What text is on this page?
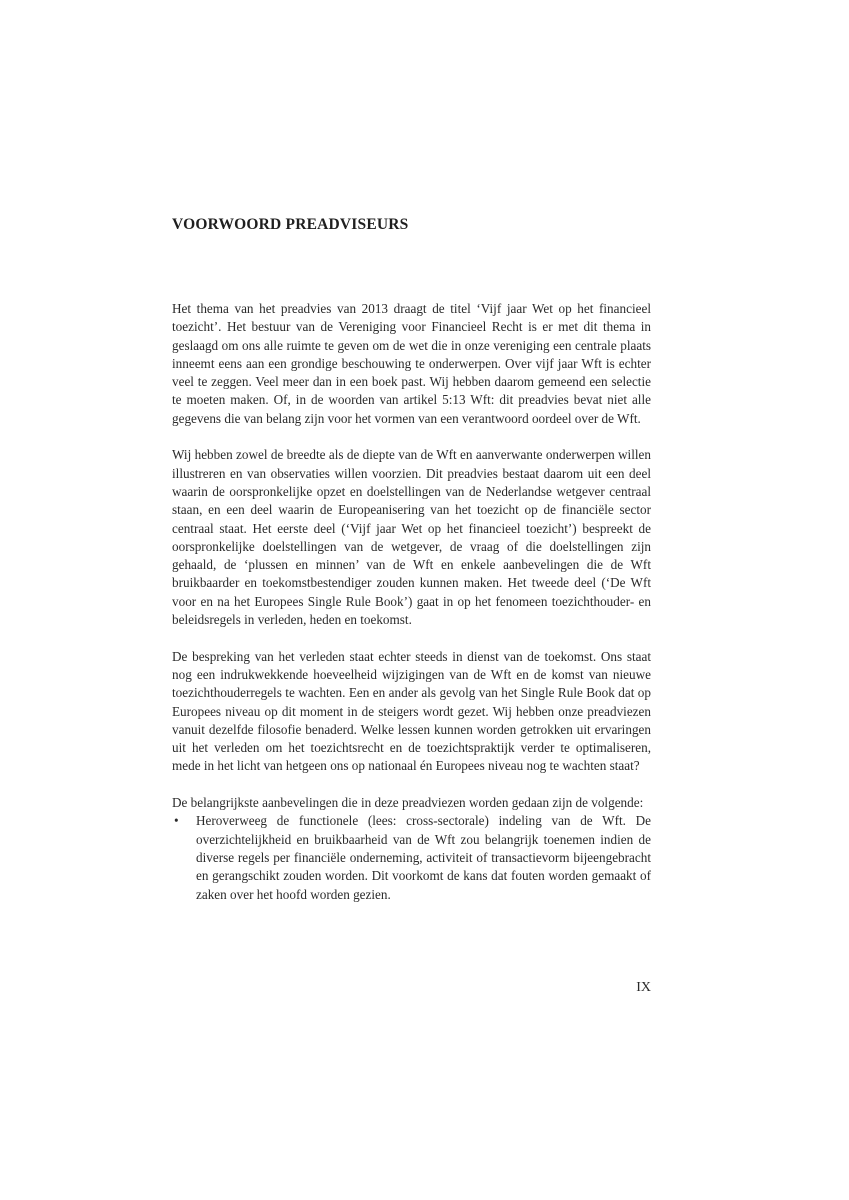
VOORWOORD PREADVISEURS

Het thema van het preadvies van 2013 draagt de titel ‘Vijf jaar Wet op het financieel toezicht’. Het bestuur van de Vereniging voor Financieel Recht is er met dit thema in geslaagd om ons alle ruimte te geven om de wet die in onze vereniging een centrale plaats inneemt eens aan een grondige beschouwing te onderwerpen. Over vijf jaar Wft is echter veel te zeggen. Veel meer dan in een boek past. Wij hebben daarom gemeend een selectie te moeten maken. Of, in de woorden van artikel 5:13 Wft: dit preadvies bevat niet alle gegevens die van belang zijn voor het vormen van een verantwoord oordeel over de Wft.

Wij hebben zowel de breedte als de diepte van de Wft en aanverwante onderwerpen willen illustreren en van observaties willen voorzien. Dit preadvies bestaat daarom uit een deel waarin de oorspronkelijke opzet en doelstellingen van de Nederlandse wetgever centraal staan, en een deel waarin de Europeanisering van het toezicht op de financiële sector centraal staat. Het eerste deel (‘Vijf jaar Wet op het financieel toezicht’) bespreekt de oorspronkelijke doelstellingen van de wetgever, de vraag of die doelstellingen zijn gehaald, de ‘plussen en minnen’ van de Wft en enkele aanbevelingen die de Wft bruikbaarder en toekomstbestendiger zouden kunnen maken. Het tweede deel (‘De Wft voor en na het Europees Single Rule Book’) gaat in op het fenomeen toezichthouder- en beleidsregels in verleden, heden en toekomst.

De bespreking van het verleden staat echter steeds in dienst van de toekomst. Ons staat nog een indrukwekkende hoeveelheid wijzigingen van de Wft en de komst van nieuwe toezichthouderregels te wachten. Een en ander als gevolg van het Single Rule Book dat op Europees niveau op dit moment in de steigers wordt gezet. Wij hebben onze preadviezen vanuit dezelfde filosofie benaderd. Welke lessen kunnen worden getrokken uit ervaringen uit het verleden om het toezichtsrecht en de toezichtspraktijk verder te optimaliseren, mede in het licht van hetgeen ons op nationaal én Europees niveau nog te wachten staat?

De belangrijkste aanbevelingen die in deze preadviezen worden gedaan zijn de volgende:

•	Heroverweeg de functionele (lees: cross-sectorale) indeling van de Wft. De overzichtelijkheid en bruikbaarheid van de Wft zou belangrijk toenemen indien de diverse regels per financiële onderneming, activiteit of transactievorm bijeengebracht en gerangschikt zouden worden. Dit voorkomt de kans dat fouten worden gemaakt of zaken over het hoofd worden gezien.
IX
